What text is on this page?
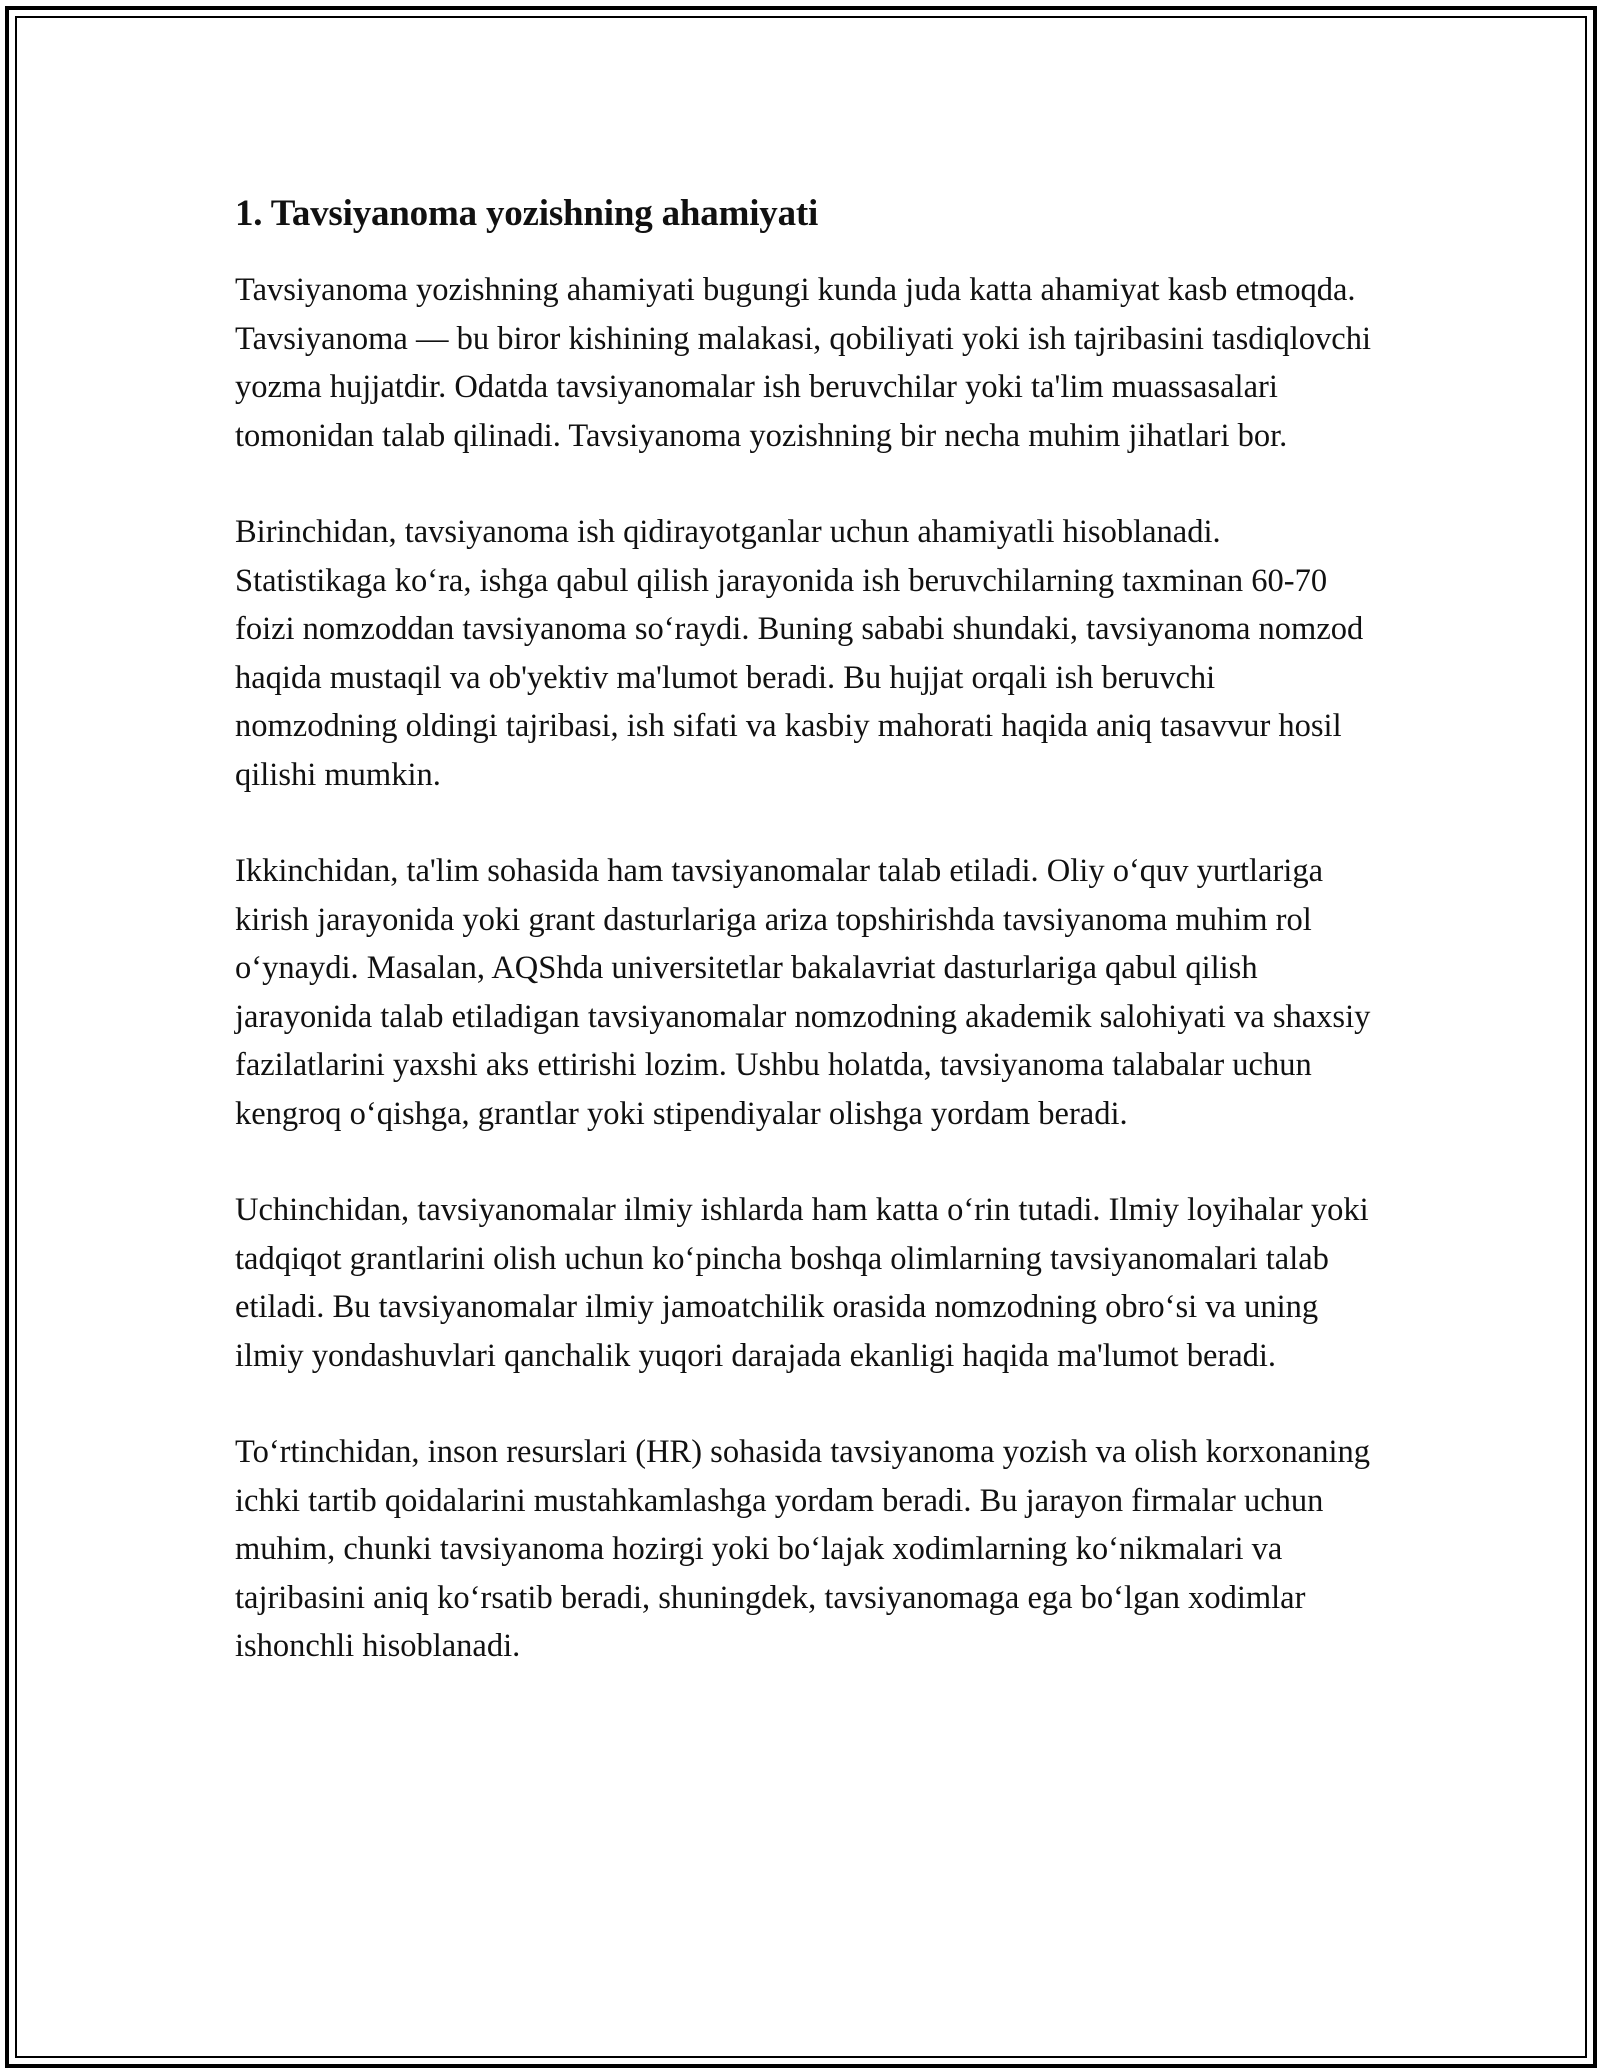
1. Tavsiyanoma yozishning ahamiyati

Tavsiyanoma yozishning ahamiyati bugungi kunda juda katta ahamiyat kasb etmoqda. Tavsiyanoma — bu biror kishining malakasi, qobiliyati yoki ish tajribasini tasdiqlovchi yozma hujjatdir. Odatda tavsiyanomalar ish beruvchilar yoki ta'lim muassasalari tomonidan talab qilinadi. Tavsiyanoma yozishning bir necha muhim jihatlari bor.

Birinchidan, tavsiyanoma ish qidirayotganlar uchun ahamiyatli hisoblanadi. Statistikaga koʻra, ishga qabul qilish jarayonida ish beruvchilarning taxminan 60-70 foizi nomzoddan tavsiyanoma soʻraydi. Buning sababi shundaki, tavsiyanoma nomzod haqida mustaqil va ob'yektiv ma'lumot beradi. Bu hujjat orqali ish beruvchi nomzodning oldingi tajribasi, ish sifati va kasbiy mahorati haqida aniq tasavvur hosil qilishi mumkin.

Ikkinchidan, ta'lim sohasida ham tavsiyanomalar talab etiladi. Oliy oʻquv yurtlariga kirish jarayonida yoki grant dasturlariga ariza topshirishda tavsiyanoma muhim rol oʻynaydi. Masalan, AQShda universitetlar bakalavriat dasturlariga qabul qilish jarayonida talab etiladigan tavsiyanomalar nomzodning akademik salohiyati va shaxsiy fazilatlarini yaxshi aks ettirishi lozim. Ushbu holatda, tavsiyanoma talabalar uchun kengroq oʻqishga, grantlar yoki stipendiyalar olishga yordam beradi.

Uchinchidan, tavsiyanomalar ilmiy ishlarda ham katta oʻrin tutadi. Ilmiy loyihalar yoki tadqiqot grantlarini olish uchun koʻpincha boshqa olimlarning tavsiyanomalari talab etiladi. Bu tavsiyanomalar ilmiy jamoatchilik orasida nomzodning obroʻsi va uning ilmiy yondashuvlari qanchalik yuqori darajada ekanligi haqida ma'lumot beradi.

Toʻrtinchidan, inson resurslari (HR) sohasida tavsiyanoma yozish va olish korxonaning ichki tartib qoidalarini mustahkamlashga yordam beradi. Bu jarayon firmalar uchun muhim, chunki tavsiyanoma hozirgi yoki boʻlajak xodimlarning koʻnikmalari va tajribasini aniq koʻrsatib beradi, shuningdek, tavsiyanomaga ega boʻlgan xodimlar ishonchli hisoblanadi.
